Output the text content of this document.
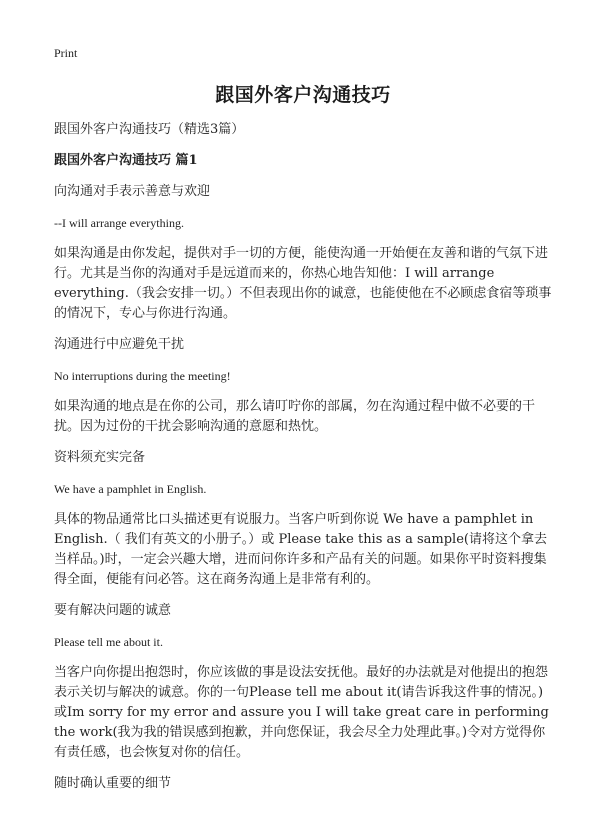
Print
跟国外客户沟通技巧

跟国外客户沟通技巧（精选3篇）

跟国外客户沟通技巧 篇1

向沟通对手表示善意与欢迎

--I will arrange everything.

如果沟通是由你发起，提供对手一切的方便，能使沟通一开始便在友善和谐的气氛下进行。尤其是当你的沟通对手是远道而来的，你热心地告知他：I will arrange everything.（我会安排一切。）不但表现出你的诚意，也能使他在不必顾虑食宿等琐事的情况下，专心与你进行沟通。

沟通进行中应避免干扰

No interruptions during the meeting!

如果沟通的地点是在你的公司，那么请叮咛你的部属，勿在沟通过程中做不必要的干扰。因为过份的干扰会影响沟通的意愿和热忱。

资料须充实完备

We have a pamphlet in English.

具体的物品通常比口头描述更有说服力。当客户听到你说 We have a pamphlet in English.（ 我们有英文的小册子。）或 Please take this as a sample(请将这个拿去当样品。)时，一定会兴趣大增，进而问你许多和产品有关的问题。如果你平时资料搜集得全面，便能有问必答。这在商务沟通上是非常有利的。

要有解决问题的诚意

Please tell me about it.

当客户向你提出抱怨时，你应该做的事是设法安抚他。最好的办法就是对他提出的抱怨表示关切与解决的诚意。你的一句Please tell me about it(请告诉我这件事的情况。)或Im sorry for my error and assure you I will take great care in performing the work(我为我的错误感到抱歉，并向您保证，我会尽全力处理此事。)令对方觉得你有责任感，也会恢复对你的信任。

随时确认重要的细节
